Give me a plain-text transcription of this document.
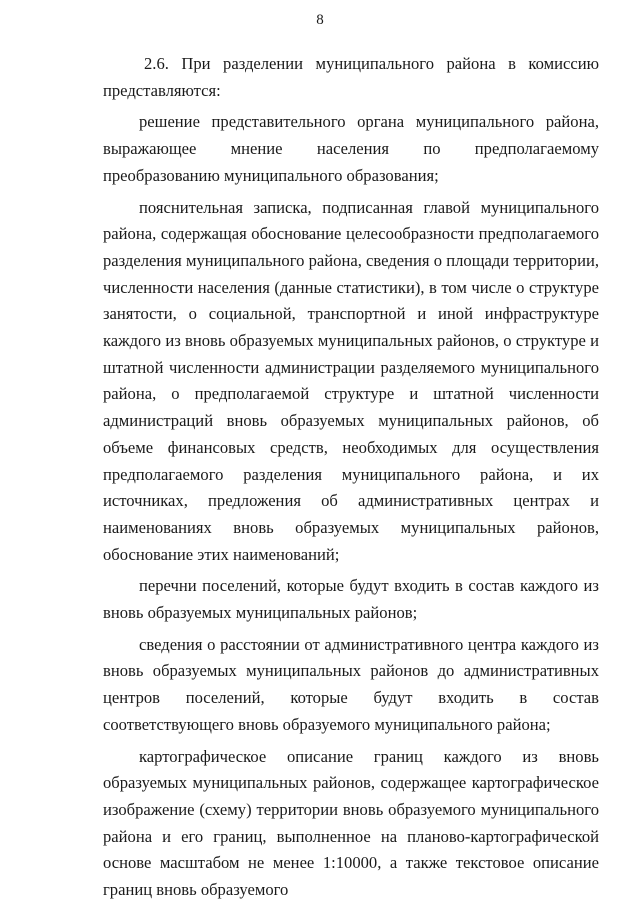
8

2.6. При разделении муниципального района в комиссию представляются:

решение представительного органа муниципального района, выражающее мнение населения по предполагаемому преобразованию муниципального образования;

пояснительная записка, подписанная главой муниципального района, содержащая обоснование целесообразности предполагаемого разделения муниципального района, сведения о площади территории, численности населения (данные статистики), в том числе о структуре занятости, о социальной, транспортной и иной инфраструктуре каждого из вновь образуемых муниципальных районов, о структуре и штатной численности администрации разделяемого муниципального района, о предполагаемой структуре и штатной численности администраций вновь образуемых муниципальных районов, об объеме финансовых средств, необходимых для осуществления предполагаемого разделения муниципального района, и их источниках, предложения об административных центрах и наименованиях вновь образуемых муниципальных районов, обоснование этих наименований;

перечни поселений, которые будут входить в состав каждого из вновь образуемых муниципальных районов;

сведения о расстоянии от административного центра каждого из вновь образуемых муниципальных районов до административных центров поселений, которые будут входить в состав соответствующего вновь образуемого муниципального района;

картографическое описание границ каждого из вновь образуемых муниципальных районов, содержащее картографическое изображение (схему) территории вновь образуемого муниципального района и его границ, выполненное на планово-картографической основе масштабом не менее 1:10000, а также текстовое описание границ вновь образуемого
